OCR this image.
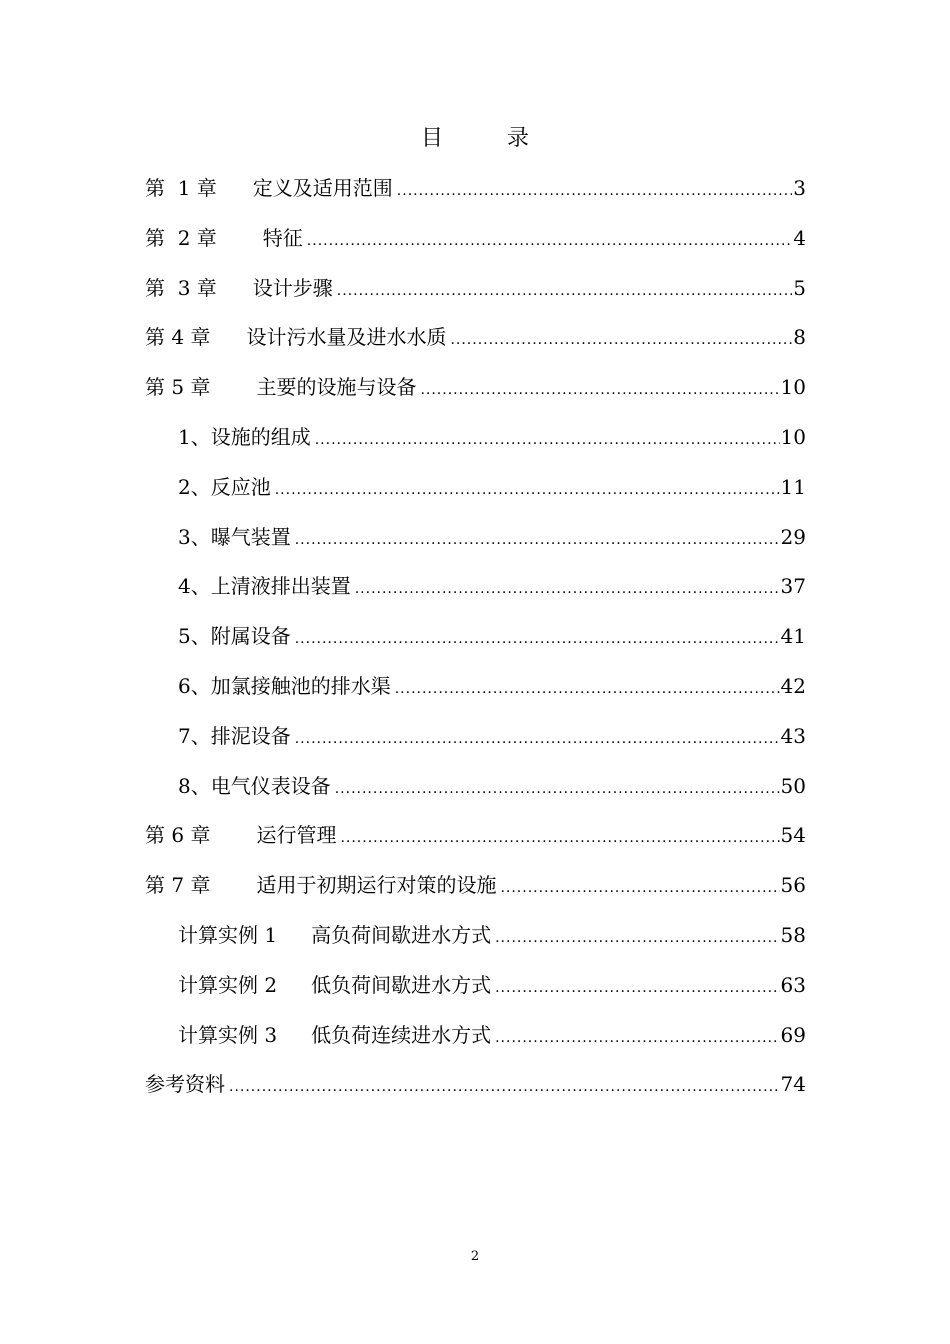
目	录
第  1 章 定义及适用范围 .....	3
第  2 章 特征 .....	4
第  3 章 设计步骤 .....	5
第 4 章 设计污水量及进水水质 .....	8
第 5 章 主要的设施与设备 .....	10
1、 设施的组成 .....	10
2、 反应池 .....	11
3、 曝气装置 .....	29
4、 上清液排出装置 .....	37
5、 附属设备 .....	41
6、 加氯接触池的排水渠 .....	42
7、 排泥设备 .....	43
8、 电气仪表设备 .....	50
第 6 章 运行管理 .....	54
第 7 章 适用于初期运行对策的设施 .....	56
计算实例 1 高负荷间歇进水方式 .....	58
计算实例 2 低负荷间歇进水方式 .....	63
计算实例 3 低负荷连续进水方式 .....	69
参考资料 .....	74
2
